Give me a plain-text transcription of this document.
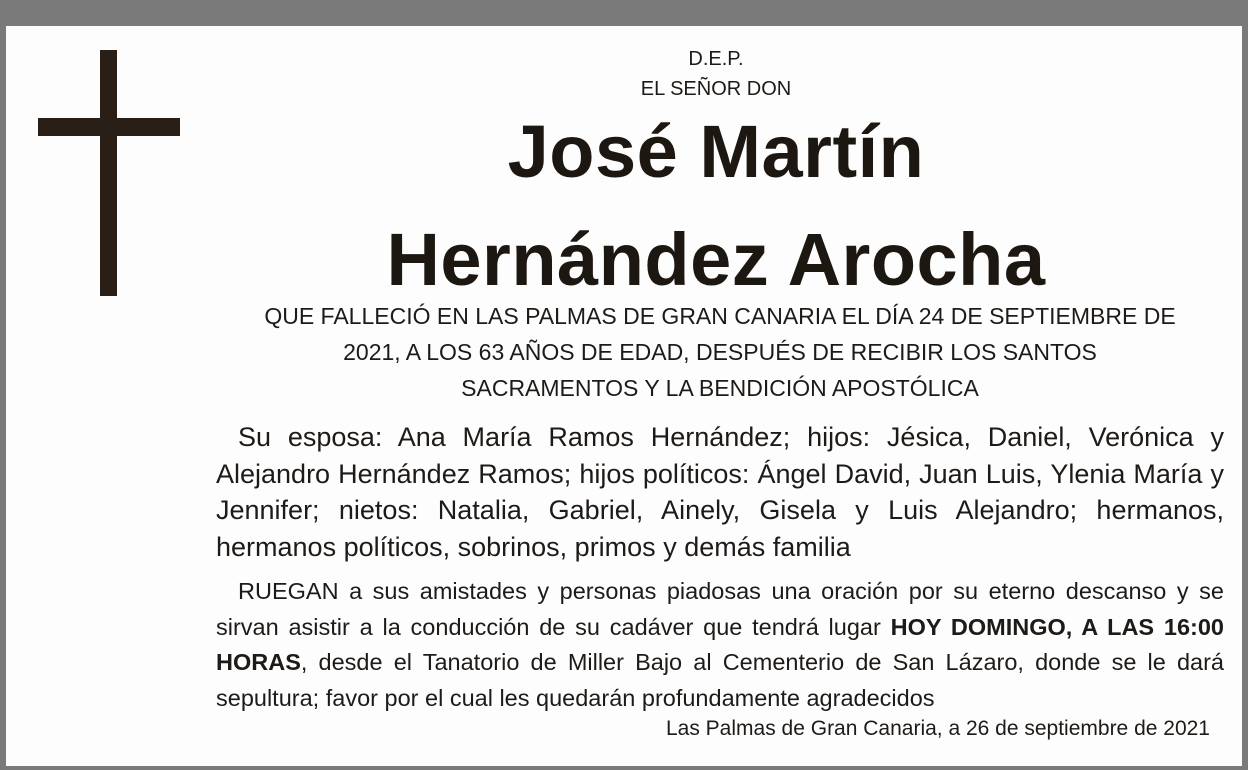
D.E.P.
EL SEÑOR DON
José Martín
Hernández Arocha
QUE FALLECIÓ EN LAS PALMAS DE GRAN CANARIA EL DÍA 24 DE SEPTIEMBRE DE
2021, A LOS 63 AÑOS DE EDAD, DESPUÉS DE RECIBIR LOS SANTOS
SACRAMENTOS Y LA BENDICIÓN APOSTÓLICA
Su esposa: Ana María Ramos Hernández; hijos: Jésica, Daniel, Verónica y Alejandro Hernández Ramos; hijos políticos: Ángel David, Juan Luis, Ylenia María y Jennifer; nietos: Natalia, Gabriel, Ainely, Gisela y Luis Alejandro; hermanos, hermanos políticos, sobrinos, primos y demás familia
RUEGAN a sus amistades y personas piadosas una oración por su eterno descanso y se sirvan asistir a la conducción de su cadáver que tendrá lugar HOY DOMINGO, A LAS 16:00 HORAS, desde el Tanatorio de Miller Bajo al Cementerio de San Lázaro, donde se le dará sepultura; favor por el cual les quedarán profundamente agradecidos
Las Palmas de Gran Canaria, a 26 de septiembre de 2021
